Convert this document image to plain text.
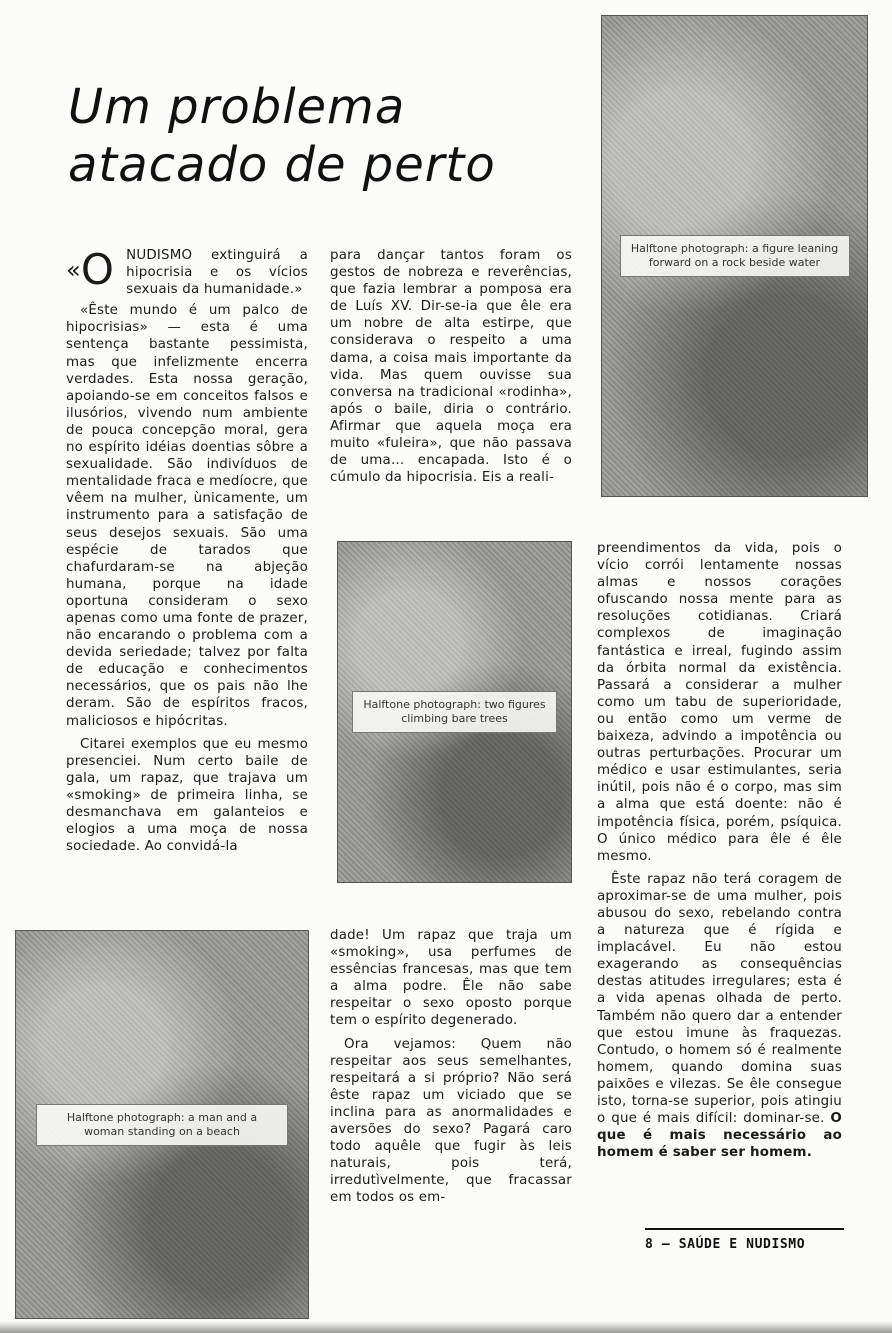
Um problema
atacado de perto
«O NUDISMO extinguirá a hipocrisia e os vícios sexuais da humanidade.»

«Êste mundo é um palco de hipocrisias» — esta é uma sentença bastante pessimista, mas que infelizmente encerra verdades. Esta nossa geração, apoiando-se em conceitos falsos e ilusórios, vivendo num ambiente de pouca concepção moral, gera no espírito idéias doentias sôbre a sexualidade. São indivíduos de mentalidade fraca e medíocre, que vêem na mulher, ùnicamente, um instrumento para a satisfação de seus desejos sexuais. São uma espécie de tarados que chafurdaram-se na abjeção humana, porque na idade oportuna consideram o sexo apenas como uma fonte de prazer, não encarando o problema com a devida seriedade; talvez por falta de educação e conhecimentos necessários, que os pais não lhe deram. São de espíritos fracos, maliciosos e hipócritas.

Citarei exemplos que eu mesmo presenciei. Num certo baile de gala, um rapaz, que trajava um «smoking» de primeira linha, se desmanchava em galanteios e elogios a uma moça de nossa sociedade. Ao convidá-la

para dançar tantos foram os gestos de nobreza e reverências, que fazia lembrar a pomposa era de Luís XV. Dir-se-ia que êle era um nobre de alta estirpe, que considerava o respeito a uma dama, a coisa mais importante da vida. Mas quem ouvisse sua conversa na tradicional «rodinha», após o baile, diria o contrário. Afirmar que aquela moça era muito «fuleira», que não passava de uma... encapada. Isto é o cúmulo da hipocrisia. Eis a reali-

dade! Um rapaz que traja um «smoking», usa perfumes de essências francesas, mas que tem a alma podre. Êle não sabe respeitar o sexo oposto porque tem o espírito degenerado.

Ora vejamos: Quem não respeitar aos seus semelhantes, respeitará a si próprio? Não será êste rapaz um viciado que se inclina para as anormalidades e aversões do sexo? Pagará caro todo aquêle que fugir às leis naturais, pois terá, irredutìvelmente, que fracassar em todos os em-

preendimentos da vida, pois o vício corrói lentamente nossas almas e nossos corações ofuscando nossa mente para as resoluções cotidianas. Criará complexos de imaginação fantástica e irreal, fugindo assim da órbita normal da existência. Passará a considerar a mulher como um tabu de superioridade, ou então como um verme de baixeza, advindo a impotência ou outras perturbações. Procurar um médico e usar estimulantes, seria inútil, pois não é o corpo, mas sim a alma que está doente: não é impotência física, porém, psíquica. O único médico para êle é êle mesmo.

Êste rapaz não terá coragem de aproximar-se de uma mulher, pois abusou do sexo, rebelando contra a natureza que é rígida e implacável. Eu não estou exagerando as consequências destas atitudes irregulares; esta é a vida apenas olhada de perto. Também não quero dar a entender que estou imune às fraquezas. Contudo, o homem só é realmente homem, quando domina suas paixões e vilezas. Se êle consegue isto, torna-se superior, pois atingiu o que é mais difícil: dominar-se. O que é mais necessário ao homem é saber ser homem.

Halftone photograph: a figure leaning forward on a rock beside water
Halftone photograph: two figures climbing bare trees
Halftone photograph: a man and a woman standing on a beach
8 — SAÚDE E NUDISMO
